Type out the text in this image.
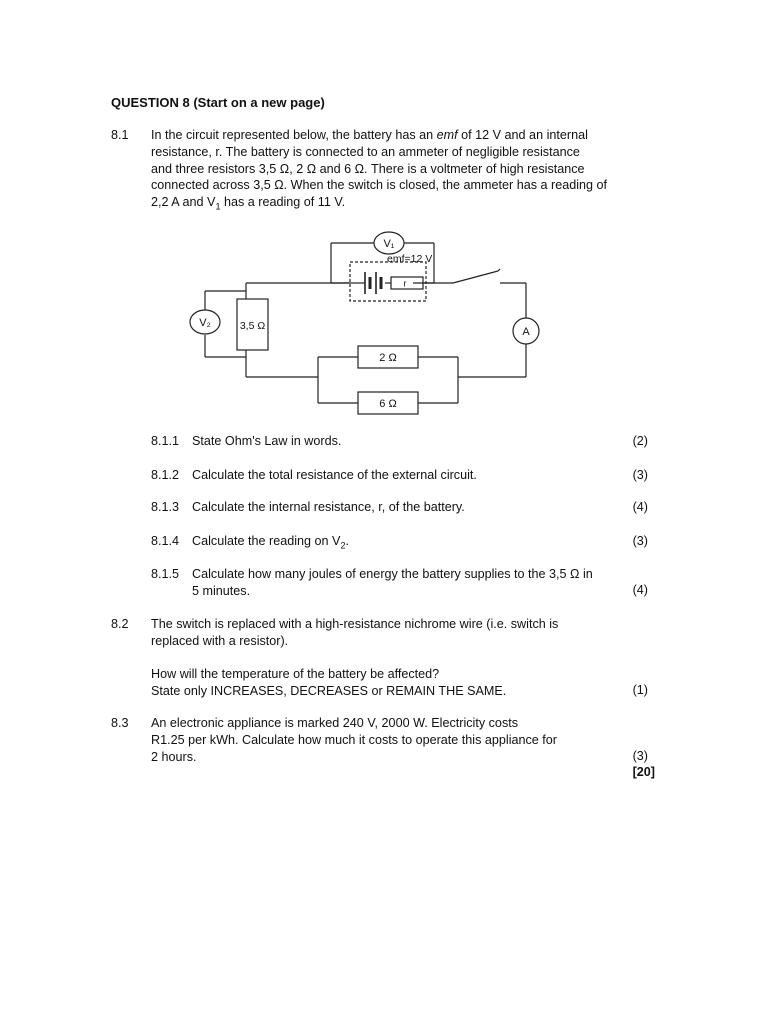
QUESTION 8 (Start on a new page)
8.1	In the circuit represented below, the battery has an emf of 12 V and an internal
resistance, r. The battery is connected to an ammeter of negligible resistance
and three resistors 3,5 Ω, 2 Ω and 6 Ω. There is a voltmeter of high resistance
connected across 3,5 Ω. When the switch is closed, the ammeter has a reading of
2,2 A and $V_1$ has a reading of 11 V.
V₁
emf=12 V
r
V₂	3,5 Ω	A
2 Ω
6 Ω
8.1.1 State Ohm's Law in words.	(2)
8.1.2 Calculate the total resistance of the external circuit.	(3)
8.1.3 Calculate the internal resistance, r, of the battery.	(4)
8.1.4 Calculate the reading on $V_2$.	(3)
8.1.5 Calculate how many joules of energy the battery supplies to the 3,5 Ω in
5 minutes.	(4)
8.2	The switch is replaced with a high-resistance nichrome wire (i.e. switch is
replaced with a resistor).
How will the temperature of the battery be affected?
State only INCREASES, DECREASES or REMAIN THE SAME.	(1)
8.3	An electronic appliance is marked 240 V, 2000 W. Electricity costs
R1.25 per kWh. Calculate how much it costs to operate this appliance for
2 hours.	(3)
[20]
